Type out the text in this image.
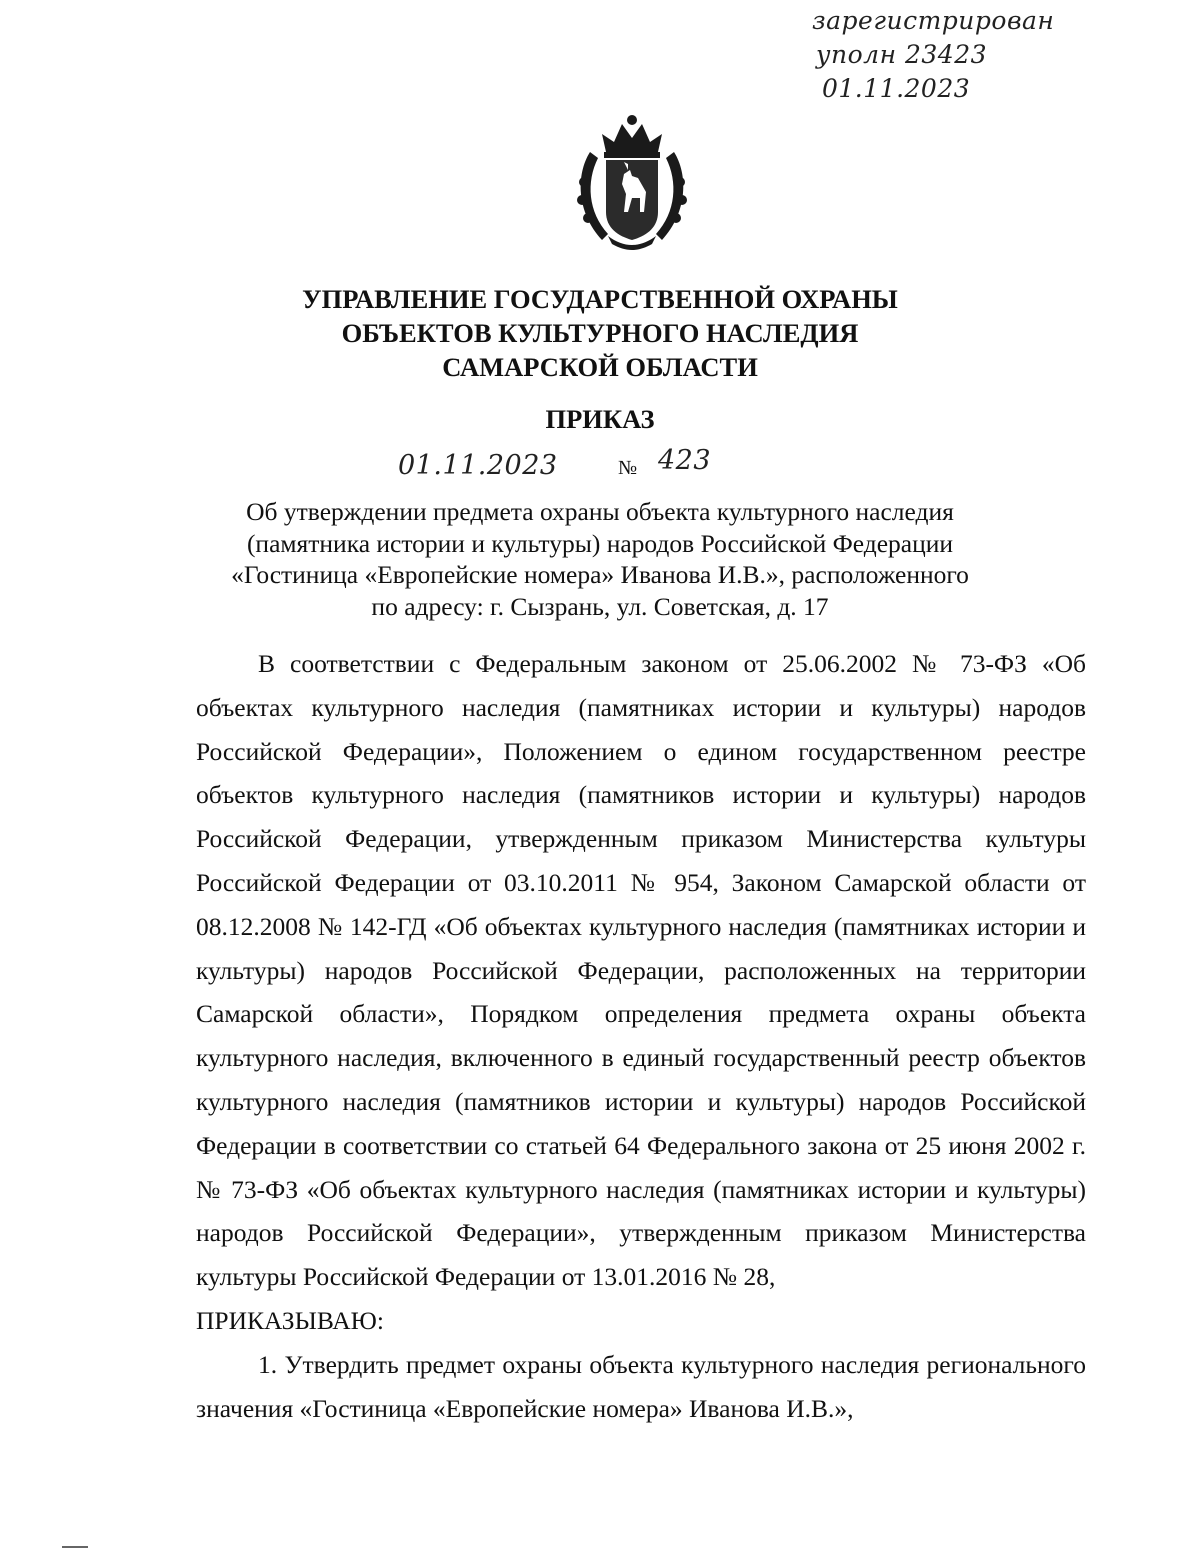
зарегистрирован
уполн 23423
01.11.2023
УПРАВЛЕНИЕ ГОСУДАРСТВЕННОЙ ОХРАНЫ
ОБЪЕКТОВ КУЛЬТУРНОГО НАСЛЕДИЯ
САМАРСКОЙ ОБЛАСТИ
ПРИКАЗ
01.11.2023	№ 423
Об утверждении предмета охраны объекта культурного наследия
(памятника истории и культуры) народов Российской Федерации
«Гостиница «Европейские номера» Иванова И.В.», расположенного
по адресу: г. Сызрань, ул. Советская, д. 17

В соответствии с Федеральным законом от 25.06.2002 № 73-ФЗ «Об объектах культурного наследия (памятниках истории и культуры) народов Российской Федерации», Положением о едином государственном реестре объектов культурного наследия (памятников истории и культуры) народов Российской Федерации, утвержденным приказом Министерства культуры Российской Федерации от 03.10.2011 № 954, Законом Самарской области от 08.12.2008 № 142-ГД «Об объектах культурного наследия (памятниках истории и культуры) народов Российской Федерации, расположенных на территории Самарской области», Порядком определения предмета охраны объекта культурного наследия, включенного в единый государственный реестр объектов культурного наследия (памятников истории и культуры) народов Российской Федерации в соответствии со статьей 64 Федерального закона от 25 июня 2002 г. № 73-ФЗ «Об объектах культурного наследия (памятниках истории и культуры) народов Российской Федерации», утвержденным приказом Министерства культуры Российской Федерации от 13.01.2016 № 28,

ПРИКАЗЫВАЮ:

1. Утвердить предмет охраны объекта культурного наследия регионального значения «Гостиница «Европейские номера» Иванова И.В.»,
